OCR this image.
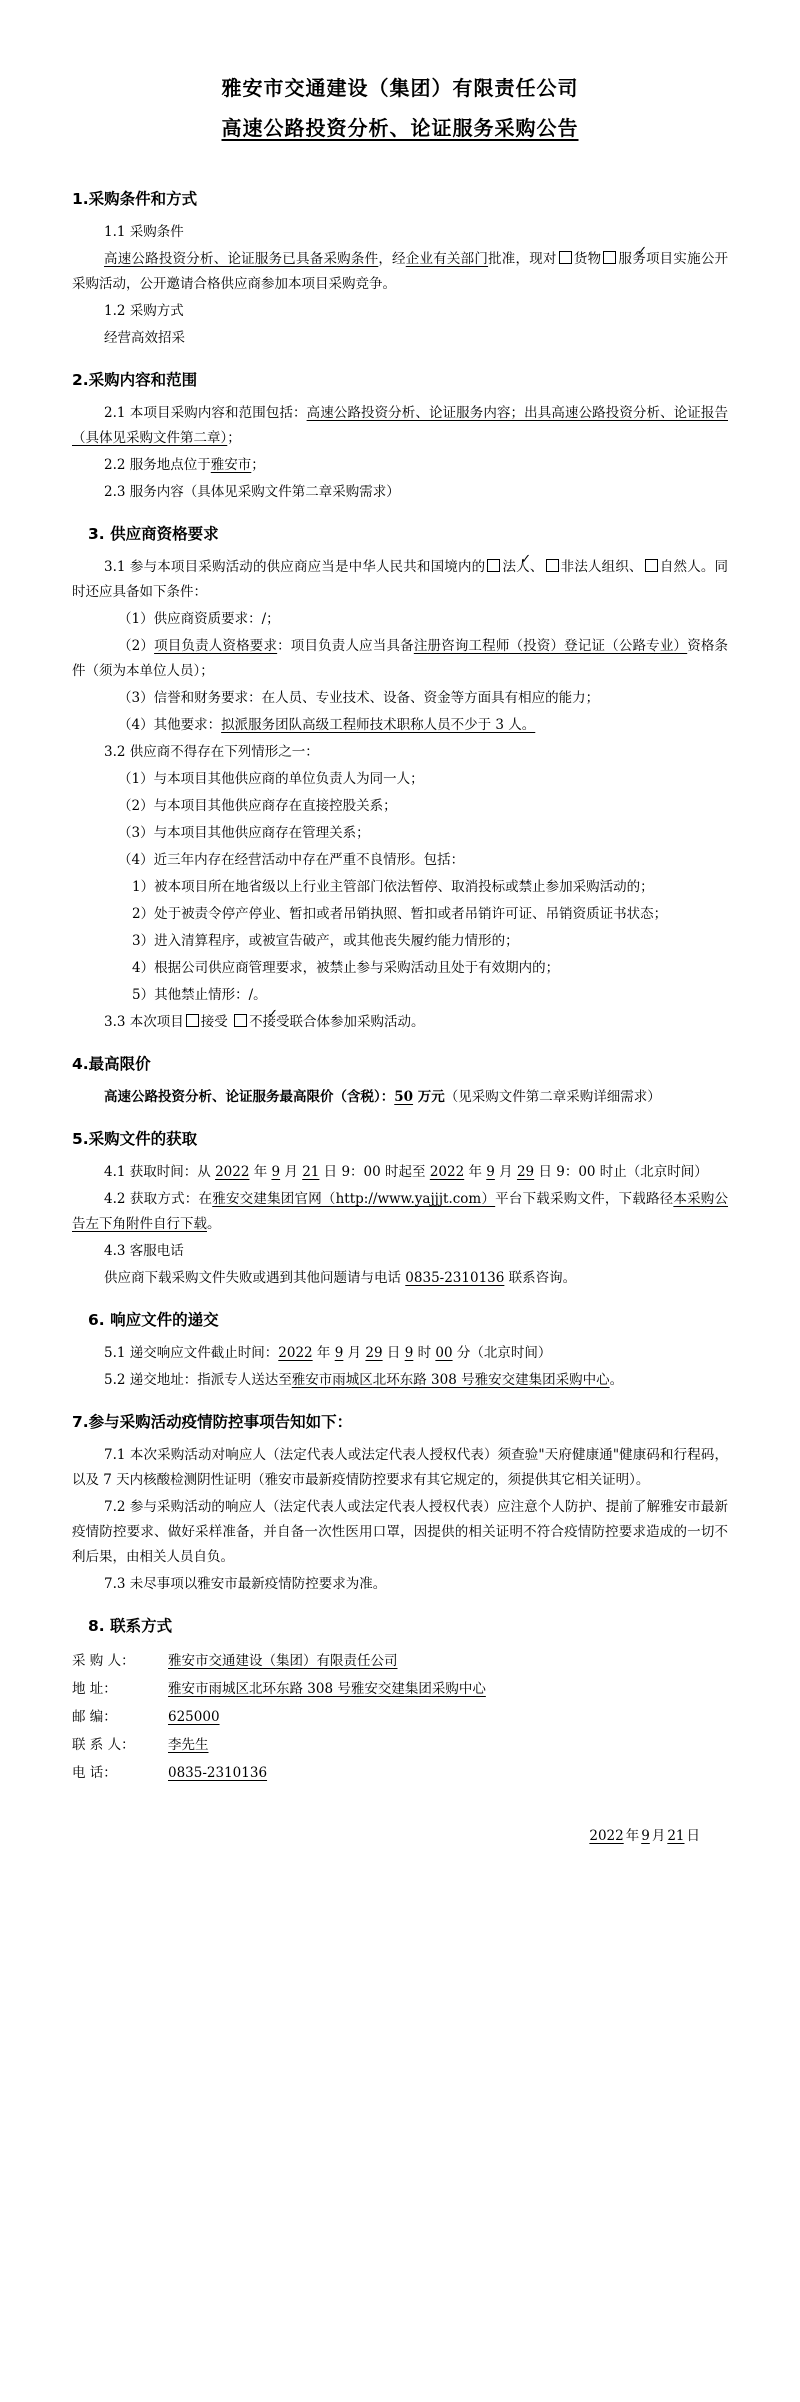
雅安市交通建设（集团）有限责任公司
高速公路投资分析、论证服务采购公告
1.采购条件和方式

1.1 采购条件

高速公路投资分析、论证服务已具备采购条件，经企业有关部门批准，现对 货物 ✓ 服务项目实施公开采购活动，公开邀请合格供应商参加本项目采购竞争。

1.2 采购方式

经营高效招采

2.采购内容和范围

2.1 本项目采购内容和范围包括：高速公路投资分析、论证服务内容；出具高速公路投资分析、论证报告（具体见采购文件第二章）；

2.2 服务地点位于雅安市；

2.3 服务内容（具体见采购文件第二章采购需求）

3. 供应商资格要求

3.1 参与本项目采购活动的供应商应当是中华人民共和国境内的 ✓ 法人、 非法人组织、 自然人。同时还应具备如下条件：

（1）供应商资质要求：/；

（2）项目负责人资格要求：项目负责人应当具备注册咨询工程师（投资）登记证（公路专业）资格条件（须为本单位人员）；

（3）信誉和财务要求：在人员、专业技术、设备、资金等方面具有相应的能力；

（4）其他要求：拟派服务团队高级工程师技术职称人员不少于 3 人。

3.2 供应商不得存在下列情形之一：

（1）与本项目其他供应商的单位负责人为同一人；

（2）与本项目其他供应商存在直接控股关系；

（3）与本项目其他供应商存在管理关系；

（4）近三年内存在经营活动中存在严重不良情形。包括：

1）被本项目所在地省级以上行业主管部门依法暂停、取消投标或禁止参加采购活动的；

2）处于被责令停产停业、暂扣或者吊销执照、暂扣或者吊销许可证、吊销资质证书状态；

3）进入清算程序，或被宣告破产，或其他丧失履约能力情形的；

4）根据公司供应商管理要求，被禁止参与采购活动且处于有效期内的；

5）其他禁止情形：/。

3.3 本次项目 接受 ✓不接受联合体参加采购活动。

4.最高限价

高速公路投资分析、论证服务最高限价（含税）：50 万元（见采购文件第二章采购详细需求）

5.采购文件的获取

4.1 获取时间：从 2022 年 9 月 21 日 9：00 时起至 2022 年 9 月 29 日 9：00 时止（北京时间）

4.2 获取方式：在雅安交建集团官网（http://www.yajjjt.com）平台下载采购文件，下载路径本采购公告左下角附件自行下载。

4.3 客服电话

供应商下载采购文件失败或遇到其他问题请与电话 0835-2310136 联系咨询。

6. 响应文件的递交

5.1 递交响应文件截止时间：2022 年 9 月 29 日 9 时 00 分（北京时间）

5.2 递交地址：指派专人送达至雅安市雨城区北环东路 308 号雅安交建集团采购中心。

7.参与采购活动疫情防控事项告知如下：

7.1 本次采购活动对响应人（法定代表人或法定代表人授权代表）须查验"天府健康通"健康码和行程码，以及 7 天内核酸检测阴性证明（雅安市最新疫情防控要求有其它规定的，须提供其它相关证明）。

7.2 参与采购活动的响应人（法定代表人或法定代表人授权代表）应注意个人防护、提前了解雅安市最新疫情防控要求、做好采样准备，并自备一次性医用口罩，因提供的相关证明不符合疫情防控要求造成的一切不利后果，由相关人员自负。

7.3 未尽事项以雅安市最新疫情防控要求为准。

8. 联系方式
采 购 人：	雅安市交通建设（集团）有限责任公司
地 址：	雅安市雨城区北环东路 308 号雅安交建集团采购中心
邮 编：	625000
联 系 人：	李先生
电 话：	0835-2310136
2022 年 9 月 21 日
